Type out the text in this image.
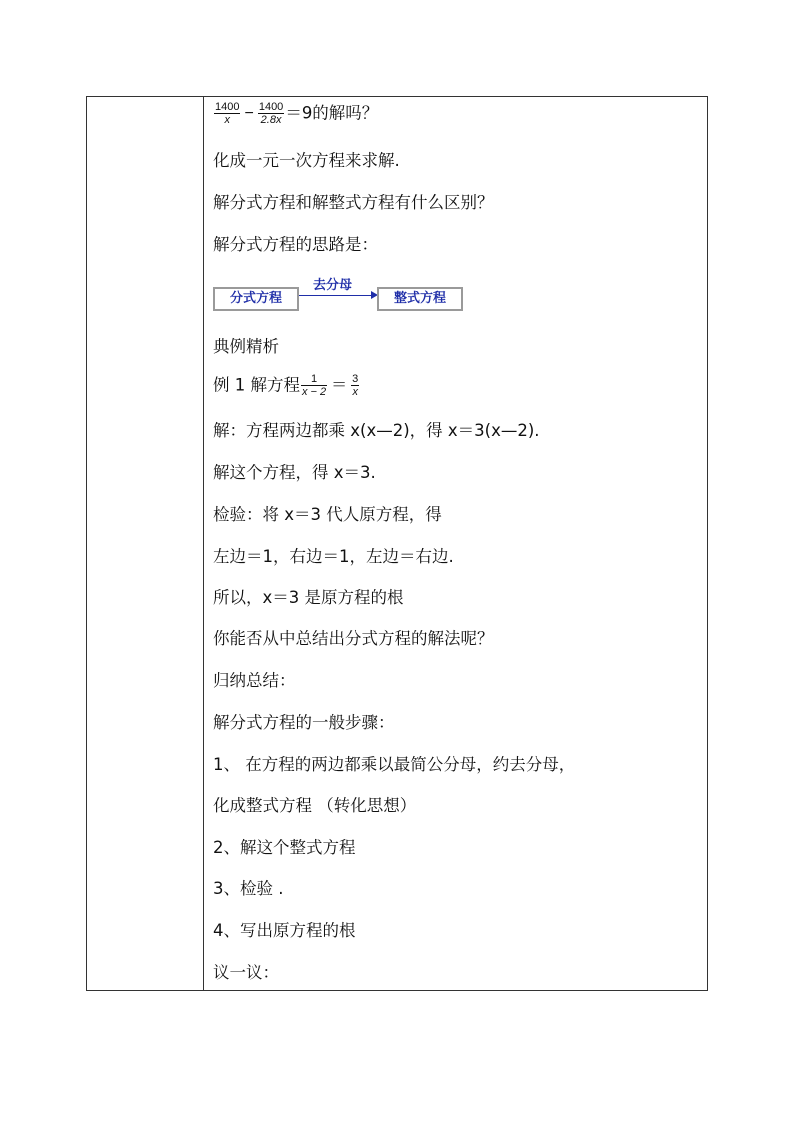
$\frac{1400}{x} - \frac{1400}{2.8x} =9$的解吗？
化成一元一次方程来求解.
解分式方程和解整式方程有什么区别？
解分式方程的思路是：
分式方程
去分母
整式方程
典例精析
例 1 解方程 $\frac{1}{x - 2} = \frac{3}{x}$
解：方程两边都乘 x(x—2)，得 x＝3(x—2).
解这个方程，得 x＝3.
检验：将 x＝3 代人原方程，得
左边＝1，右边＝1，左边＝右边.
所以，x＝3 是原方程的根
你能否从中总结出分式方程的解法呢？
归纳总结：
解分式方程的一般步骤：
1、 在方程的两边都乘以最简公分母，约去分母，
化成整式方程 （转化思想）
2、解这个整式方程
3、检验 .
4、写出原方程的根
议一议：
